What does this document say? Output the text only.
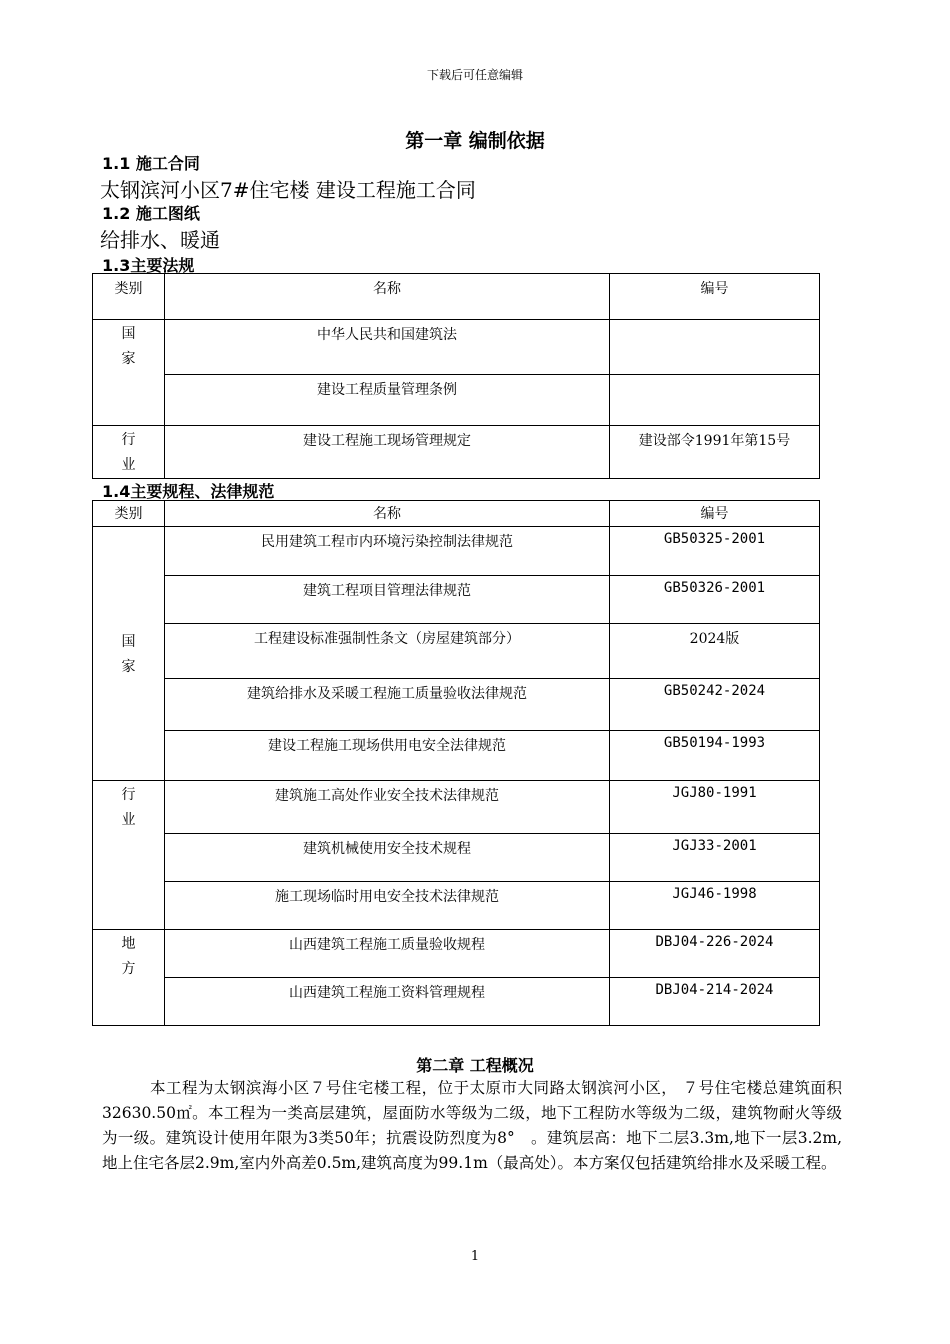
下载后可任意编辑
第一章 编制依据
1.1 施工合同
太钢滨河小区7#住宅楼 建设工程施工合同
1.2 施工图纸
给排水、暖通
1.3主要法规
类别	名称	编号
国
家	中华人民共和国建筑法	
	建设工程质量管理条例	
行
业	建设工程施工现场管理规定	建设部令1991年第15号
1.4主要规程、法律规范
类别	名称	编号
国
家	民用建筑工程市内环境污染控制法律规范	GB50325-2001
	建筑工程项目管理法律规范	GB50326-2001
	工程建设标准强制性条文（房屋建筑部分）	2024版
	建筑给排水及采暖工程施工质量验收法律规范	GB50242-2024
	建设工程施工现场供用电安全法律规范	GB50194-1993
行
业	建筑施工高处作业安全技术法律规范	JGJ80-1991
	建筑机械使用安全技术规程	JGJ33-2001
	施工现场临时用电安全技术法律规范	JGJ46-1998
地
方	山西建筑工程施工质量验收规程	DBJ04-226-2024
	山西建筑工程施工资料管理规程	DBJ04-214-2024
第二章 工程概况

本工程为太钢滨海小区７号住宅楼工程，位于太原市大同路太钢滨河小区， ７号住宅楼总建筑面积32630.50㎡。本工程为一类高层建筑，屋面防水等级为二级，地下工程防水等级为二级，建筑物耐火等级为一级。建筑设计使用年限为3类50年；抗震设防烈度为8°　。建筑层高：地下二层3.3m,地下一层3.2m,地上住宅各层2.9m,室内外高差0.5m,建筑高度为99.1m（最高处）。本方案仅包括建筑给排水及采暖工程。

1
